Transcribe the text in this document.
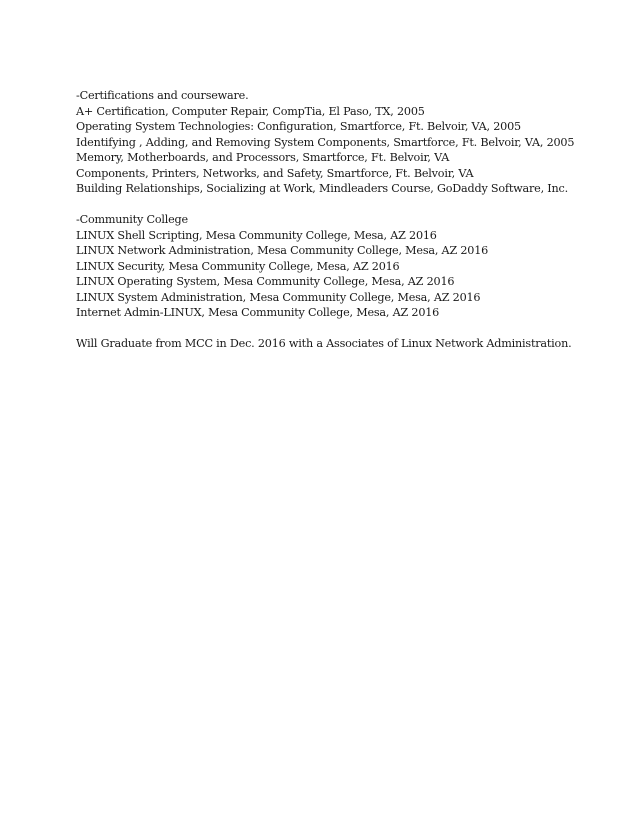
-Certifications and courseware.
A+ Certification, Computer Repair, CompTia, El Paso, TX, 2005
Operating System Technologies: Configuration, Smartforce, Ft. Belvoir, VA, 2005
Identifying , Adding, and Removing System Components, Smartforce, Ft. Belvoir, VA, 2005
Memory, Motherboards, and Processors, Smartforce, Ft. Belvoir, VA
Components, Printers, Networks, and Safety, Smartforce, Ft. Belvoir, VA
Building Relationships, Socializing at Work, Mindleaders Course, GoDaddy Software, Inc.
-Community College
LINUX Shell Scripting, Mesa Community College, Mesa, AZ 2016
LINUX Network Administration, Mesa Community College, Mesa, AZ 2016
LINUX Security, Mesa Community College, Mesa, AZ 2016
LINUX Operating System, Mesa Community College, Mesa, AZ 2016
LINUX System Administration, Mesa Community College, Mesa, AZ 2016
Internet Admin-LINUX, Mesa Community College, Mesa, AZ 2016
Will Graduate from MCC in Dec. 2016 with a Associates of Linux Network Administration.
